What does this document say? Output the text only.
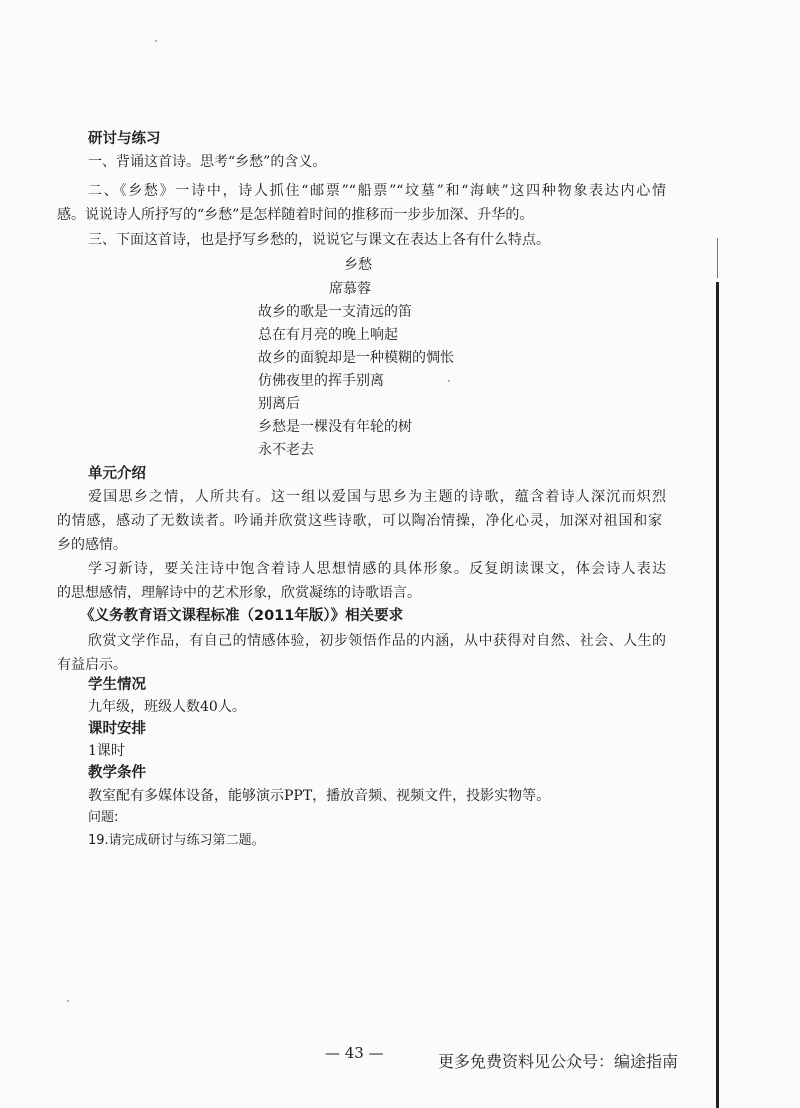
研讨与练习
一、背诵这首诗。思考“乡愁”的含义。
二、《乡愁》一诗中，诗人抓住“邮票”“船票”“坟墓”和“海峡”这四种物象表达内心情
感。说说诗人所抒写的“乡愁”是怎样随着时间的推移而一步步加深、升华的。
三、下面这首诗，也是抒写乡愁的，说说它与课文在表达上各有什么特点。
乡愁
席慕蓉
故乡的歌是一支清远的笛
总在有月亮的晚上响起
故乡的面貌却是一种模糊的惆怅
仿佛夜里的挥手别离
别离后
乡愁是一棵没有年轮的树
永不老去
单元介绍
爱国思乡之情，人所共有。这一组以爱国与思乡为主题的诗歌，蕴含着诗人深沉而炽烈
的情感，感动了无数读者。吟诵并欣赏这些诗歌，可以陶冶情操，净化心灵，加深对祖国和家
乡的感情。
学习新诗，要关注诗中饱含着诗人思想情感的具体形象。反复朗读课文，体会诗人表达
的思想感情，理解诗中的艺术形象，欣赏凝练的诗歌语言。
《义务教育语文课程标准（2011年版）》相关要求
欣赏文学作品，有自己的情感体验，初步领悟作品的内涵，从中获得对自然、社会、人生的
有益启示。
学生情况
九年级，班级人数40人。
课时安排
1课时
教学条件
教室配有多媒体设备，能够演示PPT，播放音频、视频文件，投影实物等。
问题:
19.请完成研讨与练习第二题。
— 43 —	更多免费资料见公众号：编途指南
